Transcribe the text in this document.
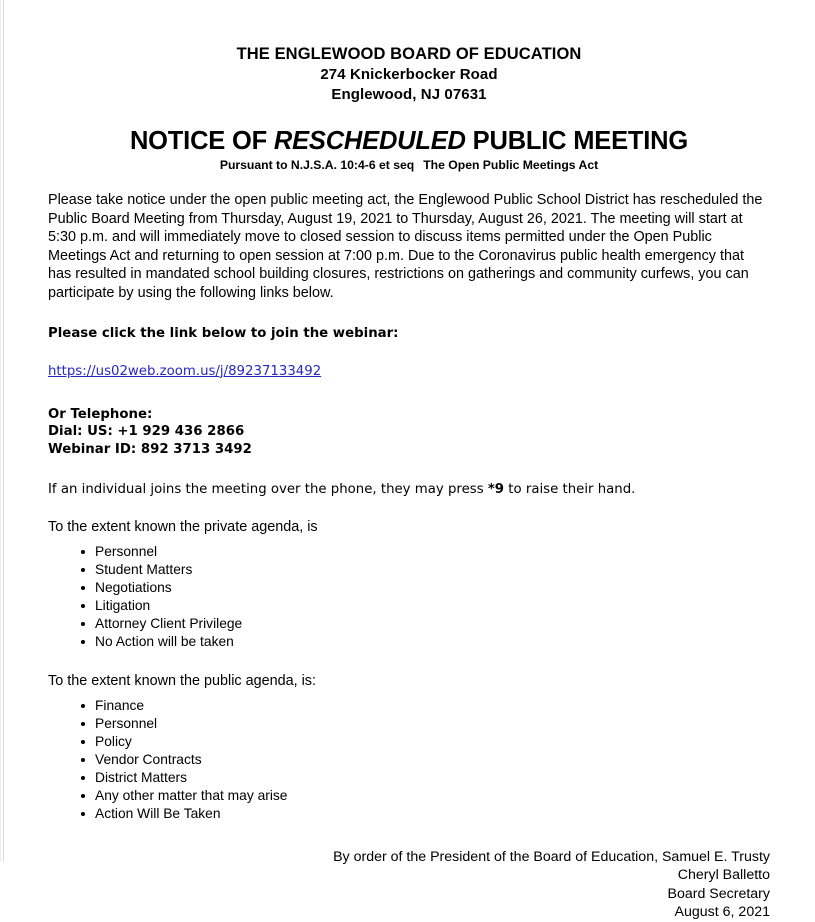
THE ENGLEWOOD BOARD OF EDUCATION
274 Knickerbocker Road
Englewood, NJ 07631
NOTICE OF RESCHEDULED PUBLIC MEETING
Pursuant to N.J.S.A. 10:4-6 et seq The Open Public Meetings Act
Please take notice under the open public meeting act, the Englewood Public School District has rescheduled the Public Board Meeting from Thursday, August 19, 2021 to Thursday, August 26, 2021. The meeting will start at 5:30 p.m. and will immediately move to closed session to discuss items permitted under the Open Public Meetings Act and returning to open session at 7:00 p.m. Due to the Coronavirus public health emergency that has resulted in mandated school building closures, restrictions on gatherings and community curfews, you can participate by using the following links below.
Please click the link below to join the webinar:
https://us02web.zoom.us/j/89237133492
Or Telephone:
Dial: US: +1 929 436 2866
Webinar ID: 892 3713 3492
If an individual joins the meeting over the phone, they may press *9 to raise their hand.
To the extent known the private agenda, is
Personnel
Student Matters
Negotiations
Litigation
Attorney Client Privilege
No Action will be taken
To the extent known the public agenda, is:
Finance
Personnel
Policy
Vendor Contracts
District Matters
Any other matter that may arise
Action Will Be Taken
By order of the President of the Board of Education, Samuel E. Trusty
Cheryl Balletto
Board Secretary
August 6, 2021
